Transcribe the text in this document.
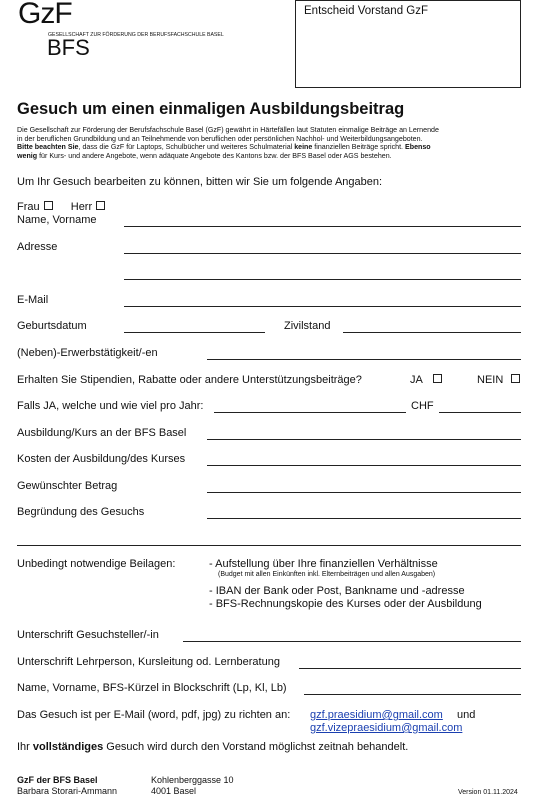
GzF
GESELLSCHAFT ZUR FÖRDERUNG DER BERUFSFACHSCHULE BASEL
BFS
Entscheid Vorstand GzF
Gesuch um einen einmaligen Ausbildungsbeitrag
Die Gesellschaft zur Förderung der Berufsfachschule Basel (GzF) gewährt in Härtefällen laut Statuten einmalige Beiträge an Lernende
in der beruflichen Grundbildung und an Teilnehmende von beruflichen oder persönlichen Nachhol- und Weiterbildungsangeboten.
Bitte beachten Sie, dass die GzF für Laptops, Schulbücher und weiteres Schulmaterial keine finanziellen Beiträge spricht. Ebenso
wenig für Kurs- und andere Angebote, wenn adäquate Angebote des Kantons bzw. der BFS Basel oder AGS bestehen.
Um Ihr Gesuch bearbeiten zu können, bitten wir Sie um folgende Angaben:
Frau	Herr
Name, Vorname
Adresse
E-Mail
Geburtsdatum	Zivilstand
(Neben)-Erwerbstätigkeit/-en
Erhalten Sie Stipendien, Rabatte oder andere Unterstützungsbeiträge?	JA	NEIN
Falls JA, welche und wie viel pro Jahr:	CHF
Ausbildung/Kurs an der BFS Basel
Kosten der Ausbildung/des Kurses
Gewünschter Betrag
Begründung des Gesuchs
Unbedingt notwendige Beilagen:	- Aufstellung über Ihre finanziellen Verhältnisse
(Budget mit allen Einkünften inkl. Elternbeiträgen und allen Ausgaben)
- IBAN der Bank oder Post, Bankname und -adresse
- BFS-Rechnungskopie des Kurses oder der Ausbildung
Unterschrift Gesuchsteller/-in
Unterschrift Lehrperson, Kursleitung od. Lernberatung
Name, Vorname, BFS-Kürzel in Blockschrift (Lp, Kl, Lb)
Das Gesuch ist per E-Mail (word, pdf, jpg) zu richten an: gzf.praesidium@gmail.com und
gzf.vizepraesidium@gmail.com
Ihr vollständiges Gesuch wird durch den Vorstand möglichst zeitnah behandelt.
GzF der BFS Basel
Barbara Storari-Ammann
Kohlenberggasse 10
4001 Basel	Version 01.11.2024
